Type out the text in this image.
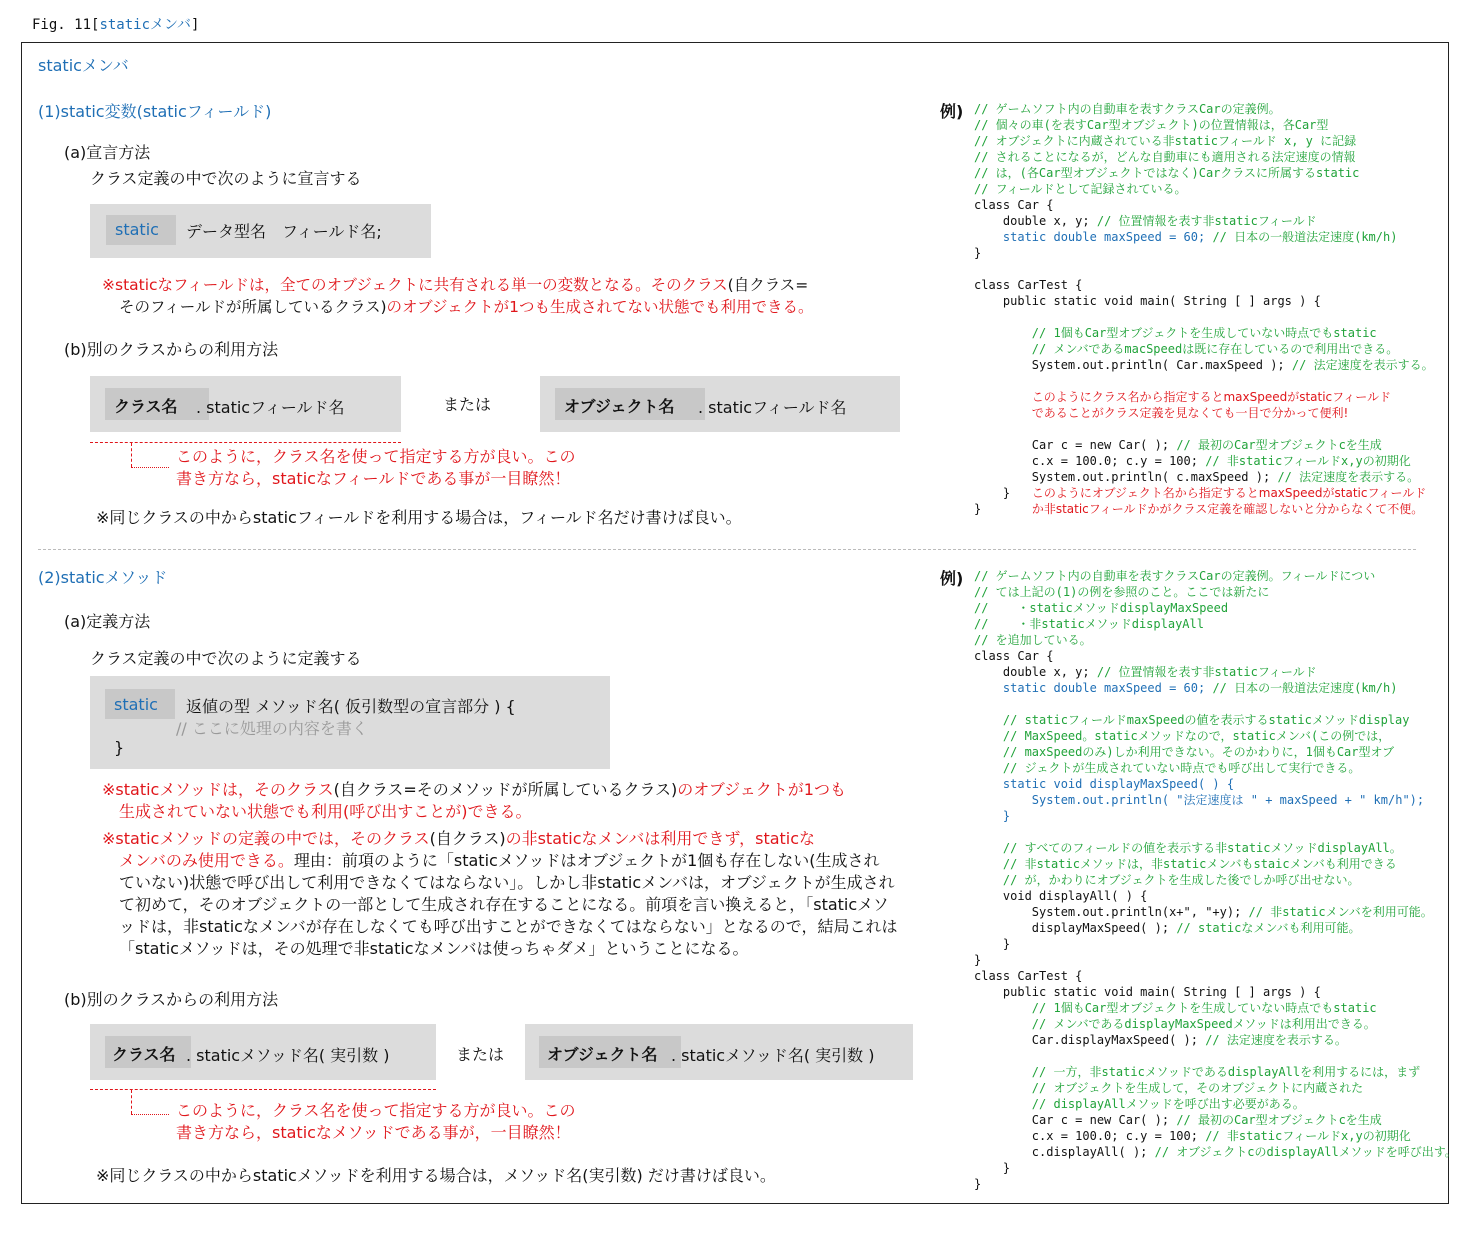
Fig. 11[staticメンバ]
staticメンバ
(1)static変数(staticフィールド)
(a)宣言方法
クラス定義の中で次のように宣言する
static データ型名　フィールド名;
※staticなフィールドは，全てのオブジェクトに共有される単一の変数となる。そのクラス(自クラス=
そのフィールドが所属しているクラス)のオブジェクトが1つも生成されてない状態でも利用できる。
(b)別のクラスからの利用方法
クラス名 . staticフィールド名	または	オブジェクト名 . staticフィールド名
このように，クラス名を使って指定する方が良い。この
書き方なら，staticなフィールドである事が一目瞭然！
※同じクラスの中からstaticフィールドを利用する場合は，フィールド名だけ書けば良い。
例) // ゲームソフト内の自動車を表すクラスCarの定義例。
// 個々の車(を表すCar型オブジェクト)の位置情報は，各Car型
// オブジェクトに内蔵されている非staticフィールド x, y に記録
// されることになるが，どんな自動車にも適用される法定速度の情報
// は，(各Car型オブジェクトではなく)Carクラスに所属するstatic
// フィールドとして記録されている。
class Car {
double x, y; // 位置情報を表す非staticフィールド
static double maxSpeed = 60; // 日本の一般道法定速度(km/h)
}

class CarTest {
public static void main( String [ ] args ) {

// 1個もCar型オブジェクトを生成していない時点でもstatic
// メンバであるmacSpeedは既に存在しているので利用出できる。
System.out.println( Car.maxSpeed ); // 法定速度を表示する。

このようにクラス名から指定するとmaxSpeedがstaticフィールド
であることがクラス定義を見なくても一目で分かって便利!

Car c = new Car( ); // 最初のCar型オブジェクトcを生成
c.x = 100.0; c.y = 100; // 非staticフィールドx,yの初期化
System.out.println( c.maxSpeed ); // 法定速度を表示する。
} このようにオブジェクト名から指定するとmaxSpeedがstaticフィールド
}	か非staticフィールドかがクラス定義を確認しないと分からなくて不便。
(2)staticメソッド
(a)定義方法
クラス定義の中で次のように定義する
static 返値の型 メソッド名( 仮引数型の宣言部分 ) {
// ここに処理の内容を書く
}
※staticメソッドは，そのクラス(自クラス=そのメソッドが所属しているクラス)のオブジェクトが1つも
生成されていない状態でも利用(呼び出すことが)できる。
※staticメソッドの定義の中では，そのクラス(自クラス)の非staticなメンバは利用できず，staticな
メンバのみ使用できる。理由：前項のように「staticメソッドはオブジェクトが1個も存在しない(生成され
ていない)状態で呼び出して利用できなくてはならない」。しかし非staticメンバは，オブジェクトが生成され
て初めて，そのオブジェクトの一部として生成され存在することになる。前項を言い換えると，「staticメソ
ッドは，非staticなメンバが存在しなくても呼び出すことができなくてはならない」となるので，結局これは
「staticメソッドは，その処理で非staticなメンバは使っちゃダメ」ということになる。
(b)別のクラスからの利用方法
クラス名 . staticメソッド名( 実引数 )	または	オブジェクト名 . staticメソッド名( 実引数 )
このように，クラス名を使って指定する方が良い。この
書き方なら，staticなメソッドである事が，一目瞭然！
※同じクラスの中からstaticメソッドを利用する場合は，メソッド名(実引数) だけ書けば良い。
例) // ゲームソフト内の自動車を表すクラスCarの定義例。フィールドについ
// ては上記の(1)の例を参照のこと。ここでは新たに
//    ・staticメソッドdisplayMaxSpeed
//    ・非staticメソッドdisplayAll
// を追加している。
class Car {
double x, y; // 位置情報を表す非staticフィールド
static double maxSpeed = 60; // 日本の一般道法定速度(km/h)

// staticフィールドmaxSpeedの値を表示するstaticメソッドdisplay
// MaxSpeed。staticメソッドなので，staticメンバ(この例では，
// maxSpeedのみ)しか利用できない。そのかわりに，1個もCar型オブ
// ジェクトが生成されていない時点でも呼び出して実行できる。
static void displayMaxSpeed( ) {
System.out.println( "法定速度は " + maxSpeed + " km/h");
}

// すべてのフィールドの値を表示する非staticメソッドdisplayAll。
// 非staticメソッドは，非staticメンバもstaicメンバも利用できる
// が，かわりにオブジェクトを生成した後でしか呼び出せない。
void displayAll( ) {
System.out.println(x+", "+y); // 非staticメンバを利用可能。
displayMaxSpeed( ); // staticなメンバも利用可能。
}
}
class CarTest {
public static void main( String [ ] args ) {
// 1個もCar型オブジェクトを生成していない時点でもstatic
// メンバであるdisplayMaxSpeedメソッドは利用出できる。
Car.displayMaxSpeed( ); // 法定速度を表示する。

// 一方，非staticメソッドであるdisplayAllを利用するには，まず
// オブジェクトを生成して，そのオブジェクトに内蔵された
// displayAllメソッドを呼び出す必要がある。
Car c = new Car( ); // 最初のCar型オブジェクトcを生成
c.x = 100.0; c.y = 100; // 非staticフィールドx,yの初期化
c.displayAll( ); // オブジェクトcのdisplayAllメソッドを呼び出す。
}
}
